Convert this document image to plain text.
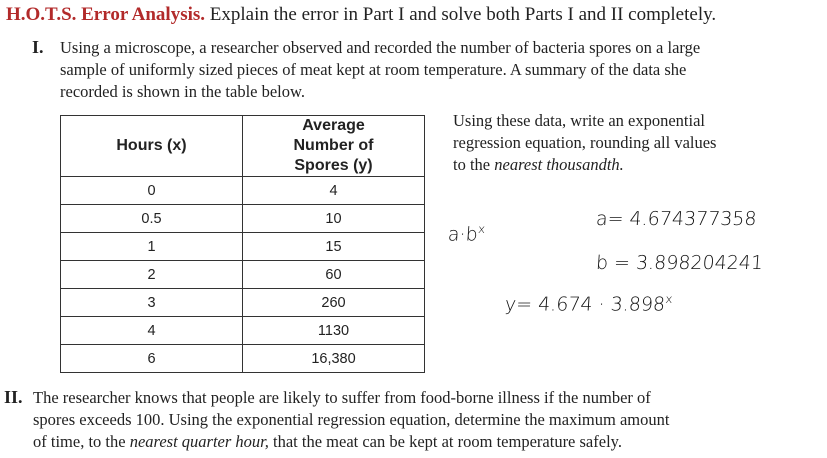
H.O.T.S. Error Analysis. Explain the error in Part I and solve both Parts I and II completely.
I. Using a microscope, a researcher observed and recorded the number of bacteria spores on a large
sample of uniformly sized pieces of meat kept at room temperature. A summary of the data she
recorded is shown in the table below.
Hours (x)	Average Number of Spores (y)
0	4
0.5	10
1	15
2	60
3	260
4	1130
6	16,380
Using these data, write an exponential
regression equation, rounding all values
to the nearest thousandth.
$a\cdot b^x$	a= 4.674377358
b = 3.898204241
$y= 4.674 \cdot 3.898^x$
II. The researcher knows that people are likely to suffer from food-borne illness if the number of
spores exceeds 100. Using the exponential regression equation, determine the maximum amount
of time, to the nearest quarter hour, that the meat can be kept at room temperature safely.
